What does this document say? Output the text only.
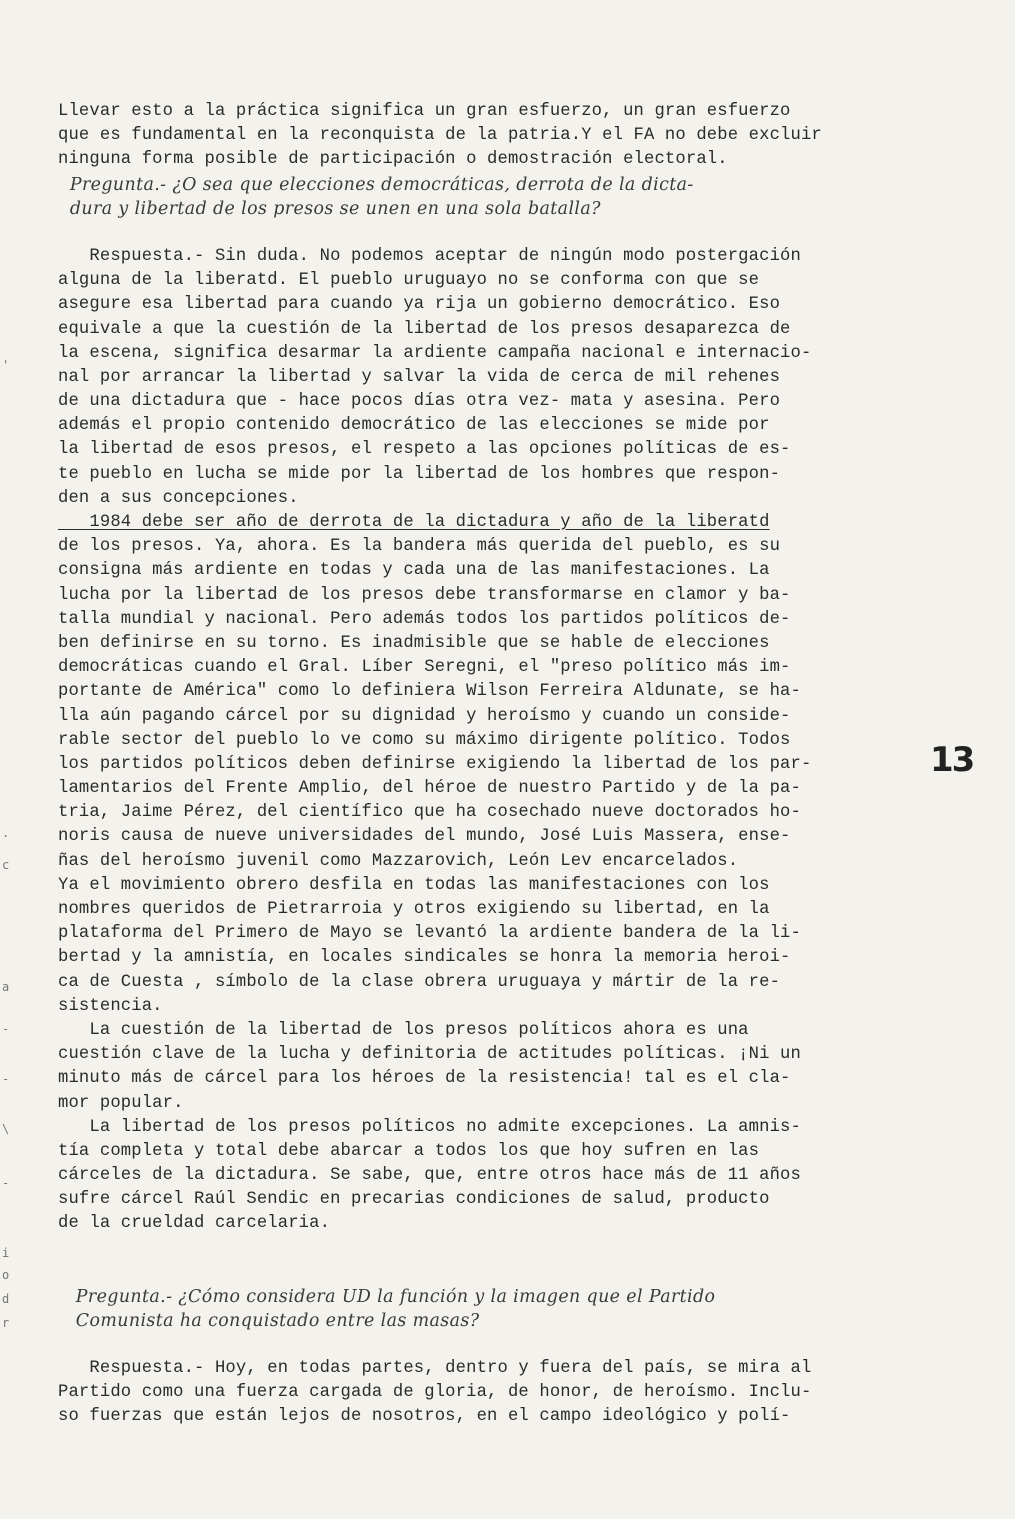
Llevar esto a la práctica significa un gran esfuerzo, un gran esfuerzo
que es fundamental en la reconquista de la patria.Y el FA no debe excluir
ninguna forma posible de participación o demostración electoral.
Pregunta.- ¿O sea que elecciones democráticas, derrota de la dicta-
dura y libertad de los presos se unen en una sola batalla?
Respuesta.- Sin duda. No podemos aceptar de ningún modo postergación
alguna de la liberatd. El pueblo uruguayo no se conforma con que se
asegure esa libertad para cuando ya rija un gobierno democrático. Eso
equivale a que la cuestión de la libertad de los presos desaparezca de
la escena, significa desarmar la ardiente campaña nacional e internacio-
nal por arrancar la libertad y salvar la vida de cerca de mil rehenes
de una dictadura que - hace pocos días otra vez- mata y asesina. Pero
además el propio contenido democrático de las elecciones se mide por
la libertad de esos presos, el respeto a las opciones políticas de es-
te pueblo en lucha se mide por la libertad de los hombres que respon-
den a sus concepciones.
1984 debe ser año de derrota de la dictadura y año de la liberatd
de los presos. Ya, ahora. Es la bandera más querida del pueblo, es su
consigna más ardiente en todas y cada una de las manifestaciones. La
lucha por la libertad de los presos debe transformarse en clamor y ba-
talla mundial y nacional. Pero además todos los partidos políticos de-
ben definirse en su torno. Es inadmisible que se hable de elecciones
democráticas cuando el Gral. Líber Seregni, el "preso político más im-
portante de América" como lo definiera Wilson Ferreira Aldunate, se ha-
lla aún pagando cárcel por su dignidad y heroísmo y cuando un conside-
rable sector del pueblo lo ve como su máximo dirigente político. Todos
los partidos políticos deben definirse exigiendo la libertad de los par-
lamentarios del Frente Amplio, del héroe de nuestro Partido y de la pa-
tria, Jaime Pérez, del científico que ha cosechado nueve doctorados ho-
noris causa de nueve universidades del mundo, José Luis Massera, ense-
ñas del heroísmo juvenil como Mazzarovich, León Lev encarcelados.
Ya el movimiento obrero desfila en todas las manifestaciones con los
nombres queridos de Pietrarroia y otros exigiendo su libertad, en la
plataforma del Primero de Mayo se levantó la ardiente bandera de la li-
bertad y la amnistía, en locales sindicales se honra la memoria heroi-
ca de Cuesta , símbolo de la clase obrera uruguaya y mártir de la re-
sistencia.
La cuestión de la libertad de los presos políticos ahora es una
cuestión clave de la lucha y definitoria de actitudes políticas. ¡Ni un
minuto más de cárcel para los héroes de la resistencia! tal es el cla-
mor popular.
La libertad de los presos políticos no admite excepciones. La amnis-
tía completa y total debe abarcar a todos los que hoy sufren en las
cárceles de la dictadura. Se sabe, que, entre otros hace más de 11 años
sufre cárcel Raúl Sendic en precarias condiciones de salud, producto
de la crueldad carcelaria.
Pregunta.- ¿Cómo considera UD la función y la imagen que el Partido
Comunista ha conquistado entre las masas?
Respuesta.- Hoy, en todas partes, dentro y fuera del país, se mira al
Partido como una fuerza cargada de gloria, de honor, de heroísmo. Inclu-
so fuerzas que están lejos de nosotros, en el campo ideológico y polí-
13
'
.
c
a
-
-
\
-
i
o
d
r
